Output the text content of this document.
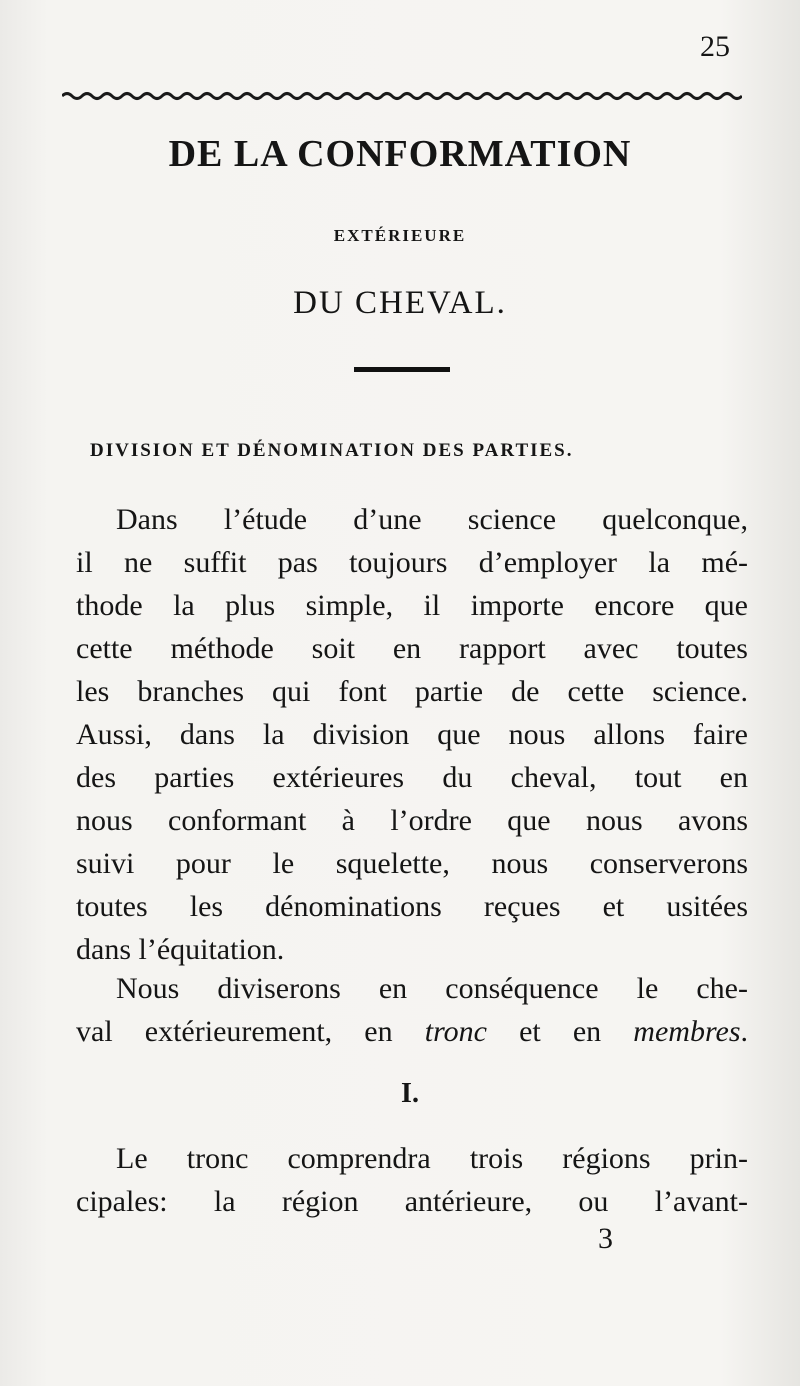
25
DE LA CONFORMATION
EXTÉRIEURE
DU CHEVAL.
DIVISION ET DÉNOMINATION DES PARTIES.
Dans l’étude d’une science quelconque,
il ne suffit pas toujours d’employer la mé-
thode la plus simple, il importe encore que
cette méthode soit en rapport avec toutes
les branches qui font partie de cette science.
Aussi, dans la division que nous allons faire
des parties extérieures du cheval, tout en
nous conformant à l’ordre que nous avons
suivi pour le squelette, nous conserverons
toutes les dénominations reçues et usitées
dans l’équitation.
Nous diviserons en conséquence le che-
val extérieurement, en tronc et en membres.
I.
Le tronc comprendra trois régions prin-
cipales: la région antérieure, ou l’avant-
3
